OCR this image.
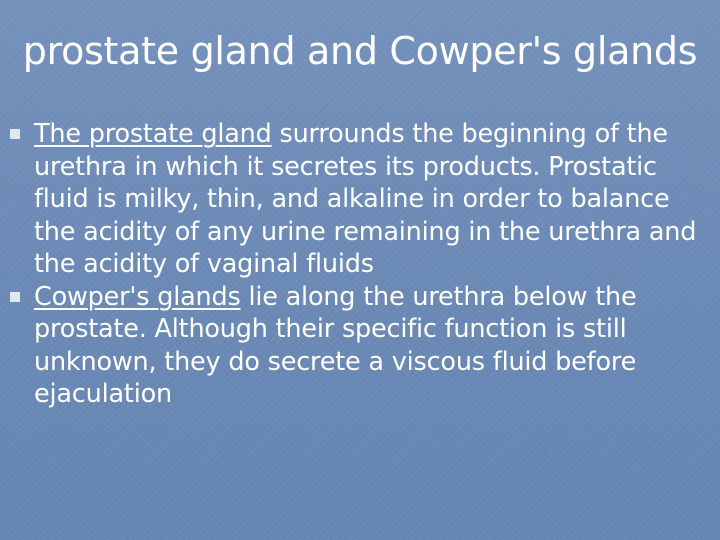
prostate gland and Cowper's glands
The prostate gland surrounds the beginning of the urethra in which it secretes its products. Prostatic fluid is milky, thin, and alkaline in order to balance the acidity of any urine remaining in the urethra and the acidity of vaginal fluids
Cowper's glands lie along the urethra below the prostate. Although their specific function is still unknown, they do secrete a viscous fluid before ejaculation
